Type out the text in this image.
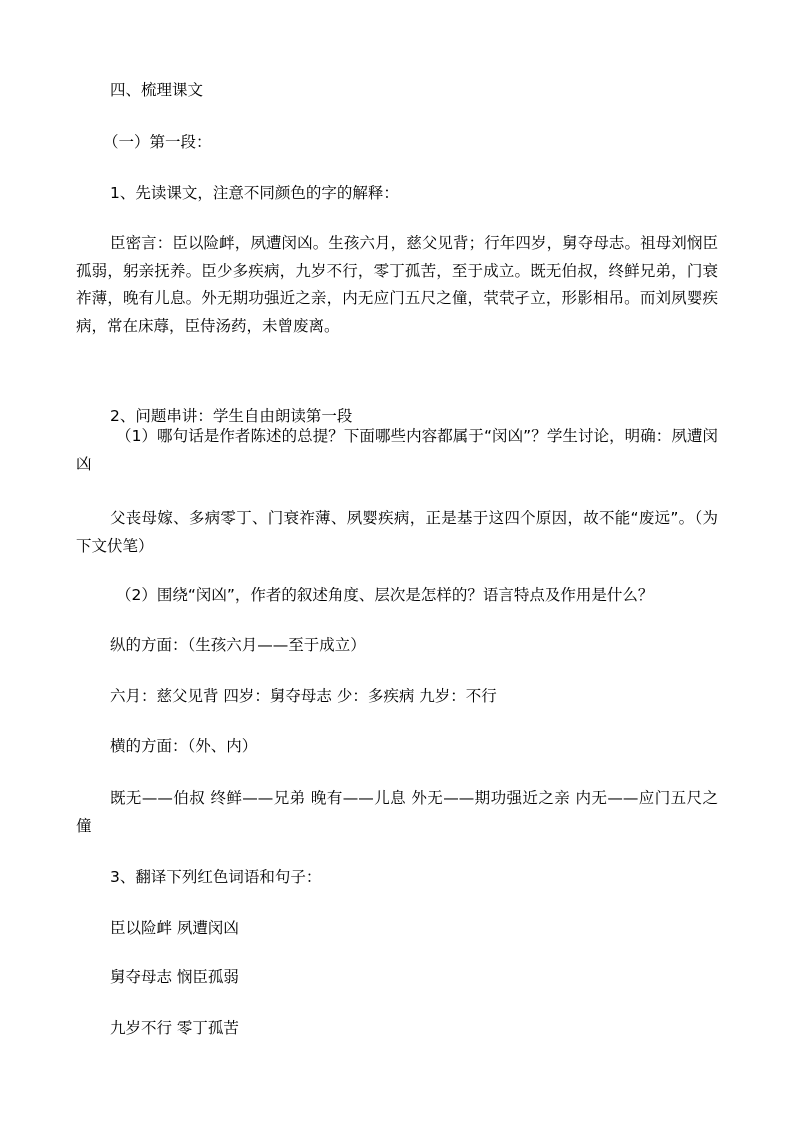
四、梳理课文

（一）第一段：

1、先读课文，注意不同颜色的字的解释：

臣密言：臣以险衅，夙遭闵凶。生孩六月，慈父见背；行年四岁，舅夺母志。祖母刘悯臣孤弱，躬亲抚养。臣少多疾病，九岁不行，零丁孤苦，至于成立。既无伯叔，终鲜兄弟，门衰祚薄，晚有儿息。外无期功强近之亲，内无应门五尺之僮，茕茕孑立，形影相吊。而刘夙婴疾病，常在床蓐，臣侍汤药，未曾废离。

2、问题串讲：学生自由朗读第一段

（1）哪句话是作者陈述的总提？下面哪些内容都属于“闵凶”？学生讨论，明确：夙遭闵凶

父丧母嫁、多病零丁、门衰祚薄、夙婴疾病，正是基于这四个原因，故不能“废远”。（为下文伏笔）

（2）围绕“闵凶”，作者的叙述角度、层次是怎样的？语言特点及作用是什么？

纵的方面：（生孩六月——至于成立）

六月：慈父见背 四岁：舅夺母志 少：多疾病 九岁：不行

横的方面：（外、内）

既无——伯叔 终鲜——兄弟 晚有——儿息 外无——期功强近之亲 内无——应门五尺之僮

3、翻译下列红色词语和句子：

臣以险衅 夙遭闵凶

舅夺母志 悯臣孤弱

九岁不行 零丁孤苦
